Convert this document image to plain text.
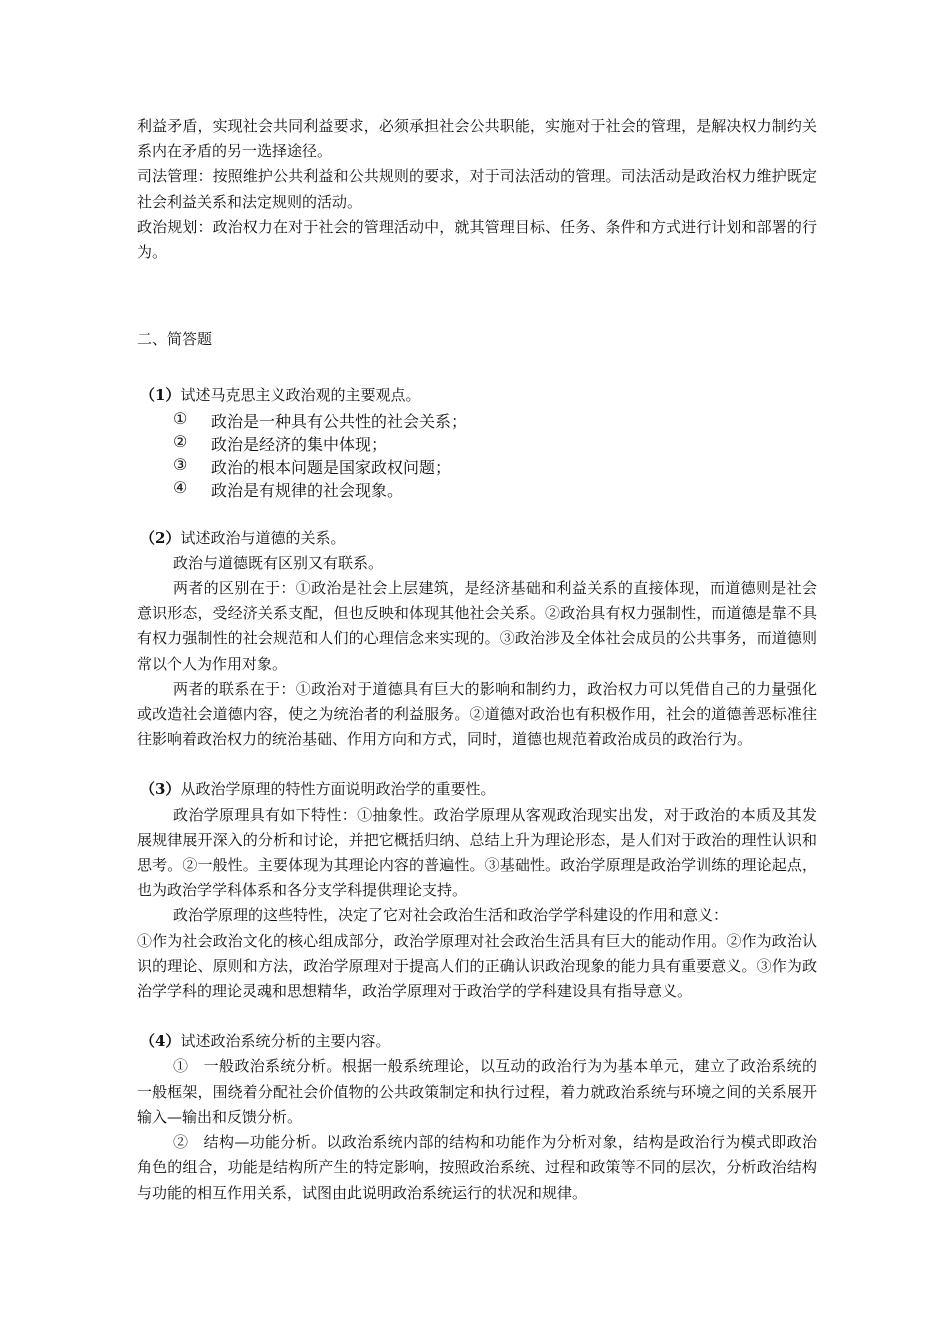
利益矛盾，实现社会共同利益要求，必须承担社会公共职能，实施对于社会的管理，是解决权力制约关系内在矛盾的另一选择途径。

司法管理：按照维护公共利益和公共规则的要求，对于司法活动的管理。司法活动是政治权力维护既定社会利益关系和法定规则的活动。

政治规划：政治权力在对于社会的管理活动中，就其管理目标、任务、条件和方式进行计划和部署的行为。

二、简答题

（1）试述马克思主义政治观的主要观点。

①	政治是一种具有公共性的社会关系；
②	政治是经济的集中体现；
③	政治的根本问题是国家政权问题；
④	政治是有规律的社会现象。

（2）试述政治与道德的关系。

政治与道德既有区别又有联系。

两者的区别在于：①政治是社会上层建筑，是经济基础和利益关系的直接体现，而道德则是社会意识形态，受经济关系支配，但也反映和体现其他社会关系。②政治具有权力强制性，而道德是靠不具有权力强制性的社会规范和人们的心理信念来实现的。③政治涉及全体社会成员的公共事务，而道德则常以个人为作用对象。

两者的联系在于：①政治对于道德具有巨大的影响和制约力，政治权力可以凭借自己的力量强化或改造社会道德内容，使之为统治者的利益服务。②道德对政治也有积极作用，社会的道德善恶标准往往影响着政治权力的统治基础、作用方向和方式，同时，道德也规范着政治成员的政治行为。

（3）从政治学原理的特性方面说明政治学的重要性。

政治学原理具有如下特性：①抽象性。政治学原理从客观政治现实出发，对于政治的本质及其发展规律展开深入的分析和讨论，并把它概括归纳、总结上升为理论形态，是人们对于政治的理性认识和思考。②一般性。主要体现为其理论内容的普遍性。③基础性。政治学原理是政治学训练的理论起点，也为政治学学科体系和各分支学科提供理论支持。

政治学原理的这些特性，决定了它对社会政治生活和政治学学科建设的作用和意义：

①作为社会政治文化的核心组成部分，政治学原理对社会政治生活具有巨大的能动作用。②作为政治认识的理论、原则和方法，政治学原理对于提高人们的正确认识政治现象的能力具有重要意义。③作为政治学学科的理论灵魂和思想精华，政治学原理对于政治学的学科建设具有指导意义。

（4）试述政治系统分析的主要内容。

①　一般政治系统分析。根据一般系统理论，以互动的政治行为为基本单元，建立了政治系统的一般框架，围绕着分配社会价值物的公共政策制定和执行过程，着力就政治系统与环境之间的关系展开输入—输出和反馈分析。

②　结构—功能分析。以政治系统内部的结构和功能作为分析对象，结构是政治行为模式即政治角色的组合，功能是结构所产生的特定影响，按照政治系统、过程和政策等不同的层次，分析政治结构与功能的相互作用关系，试图由此说明政治系统运行的状况和规律。
